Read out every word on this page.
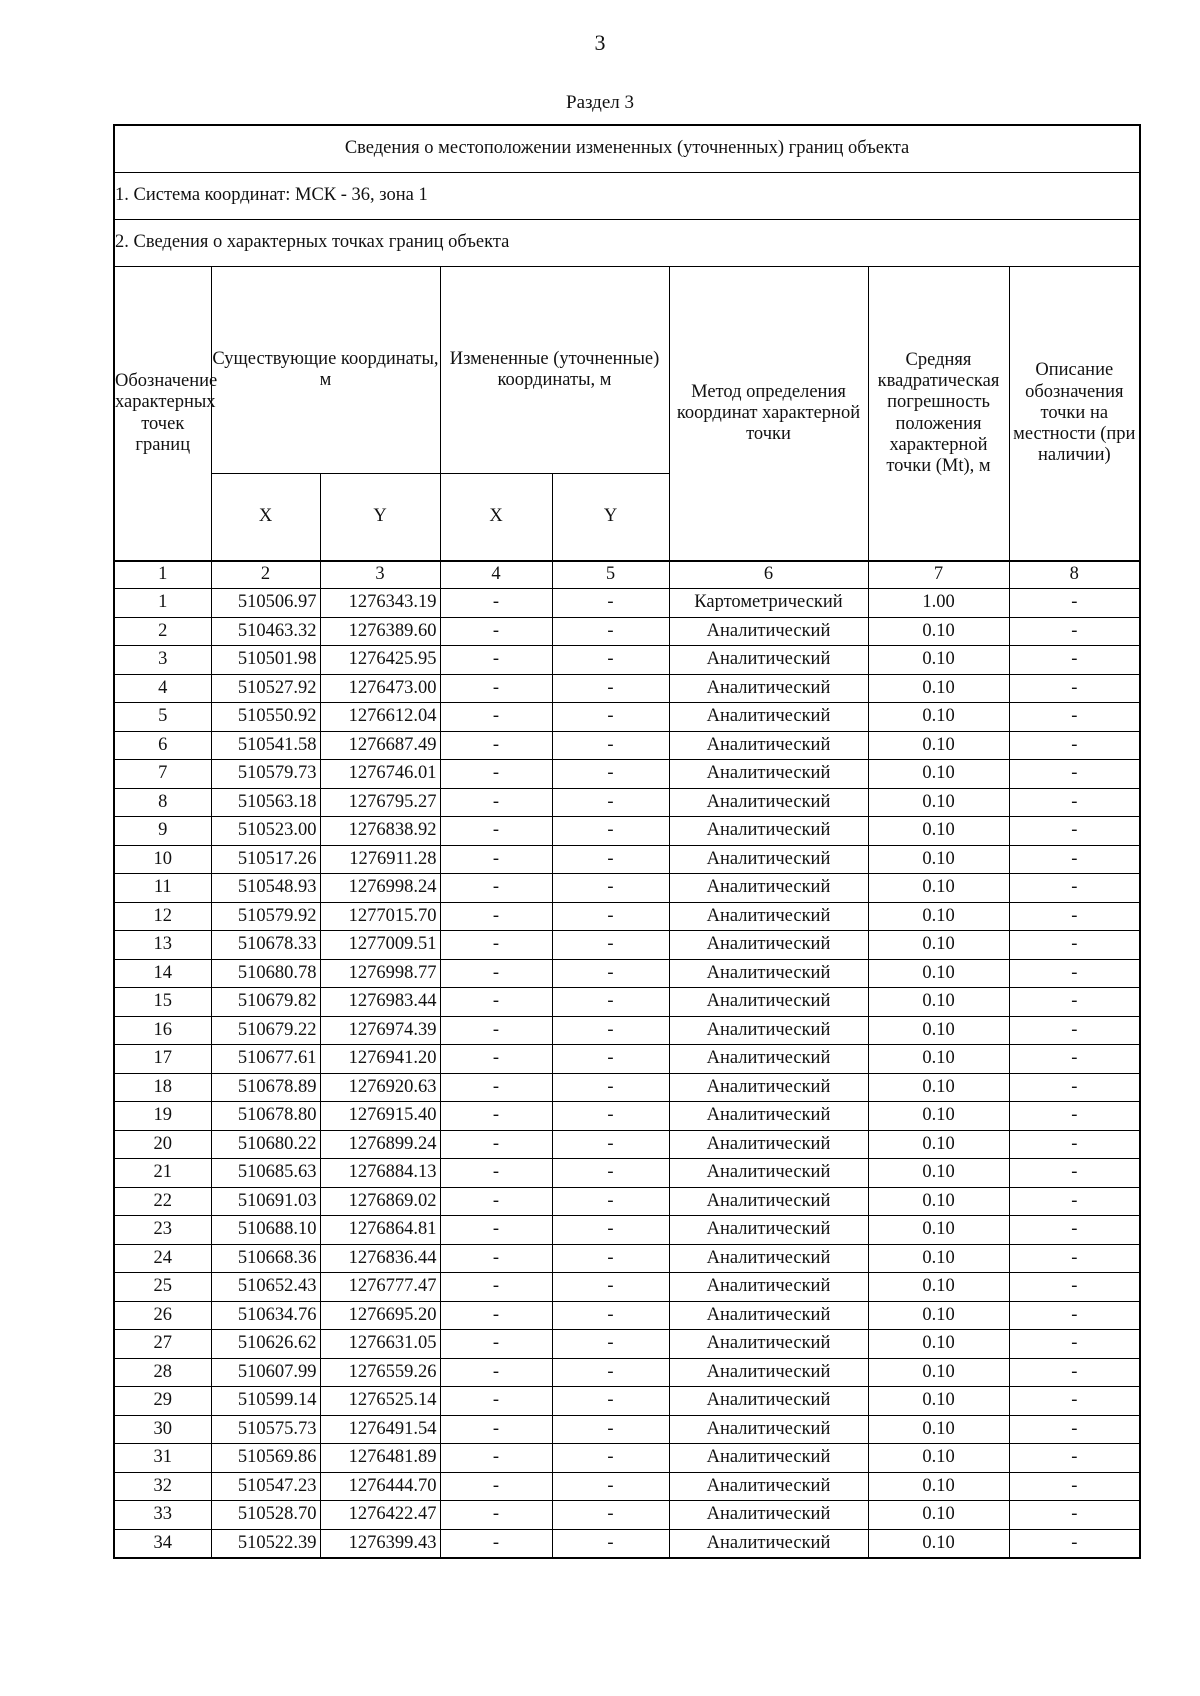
3
Раздел 3
Сведения о местоположении измененных (уточненных) границ объекта							
1. Система координат: МСК - 36, зона 1							
2. Сведения о характерных точках границ объекта							
Обозначение характерных точек границ	Существующие координаты, м		Измененные (уточненные) координаты, м		Метод определения координат характерной точки	Средняя квадратическая погрешность положения характерной точки (Mt), м	Описание обозначения точки на местности (при наличии)
	X	Y	X	Y			
1	2	3	4	5	6	7	8
1	510506.97	1276343.19	-	-	Картометрический	1.00	-
2	510463.32	1276389.60	-	-	Аналитический	0.10	-
3	510501.98	1276425.95	-	-	Аналитический	0.10	-
4	510527.92	1276473.00	-	-	Аналитический	0.10	-
5	510550.92	1276612.04	-	-	Аналитический	0.10	-
6	510541.58	1276687.49	-	-	Аналитический	0.10	-
7	510579.73	1276746.01	-	-	Аналитический	0.10	-
8	510563.18	1276795.27	-	-	Аналитический	0.10	-
9	510523.00	1276838.92	-	-	Аналитический	0.10	-
10	510517.26	1276911.28	-	-	Аналитический	0.10	-
11	510548.93	1276998.24	-	-	Аналитический	0.10	-
12	510579.92	1277015.70	-	-	Аналитический	0.10	-
13	510678.33	1277009.51	-	-	Аналитический	0.10	-
14	510680.78	1276998.77	-	-	Аналитический	0.10	-
15	510679.82	1276983.44	-	-	Аналитический	0.10	-
16	510679.22	1276974.39	-	-	Аналитический	0.10	-
17	510677.61	1276941.20	-	-	Аналитический	0.10	-
18	510678.89	1276920.63	-	-	Аналитический	0.10	-
19	510678.80	1276915.40	-	-	Аналитический	0.10	-
20	510680.22	1276899.24	-	-	Аналитический	0.10	-
21	510685.63	1276884.13	-	-	Аналитический	0.10	-
22	510691.03	1276869.02	-	-	Аналитический	0.10	-
23	510688.10	1276864.81	-	-	Аналитический	0.10	-
24	510668.36	1276836.44	-	-	Аналитический	0.10	-
25	510652.43	1276777.47	-	-	Аналитический	0.10	-
26	510634.76	1276695.20	-	-	Аналитический	0.10	-
27	510626.62	1276631.05	-	-	Аналитический	0.10	-
28	510607.99	1276559.26	-	-	Аналитический	0.10	-
29	510599.14	1276525.14	-	-	Аналитический	0.10	-
30	510575.73	1276491.54	-	-	Аналитический	0.10	-
31	510569.86	1276481.89	-	-	Аналитический	0.10	-
32	510547.23	1276444.70	-	-	Аналитический	0.10	-
33	510528.70	1276422.47	-	-	Аналитический	0.10	-
34	510522.39	1276399.43	-	-	Аналитический	0.10	-
